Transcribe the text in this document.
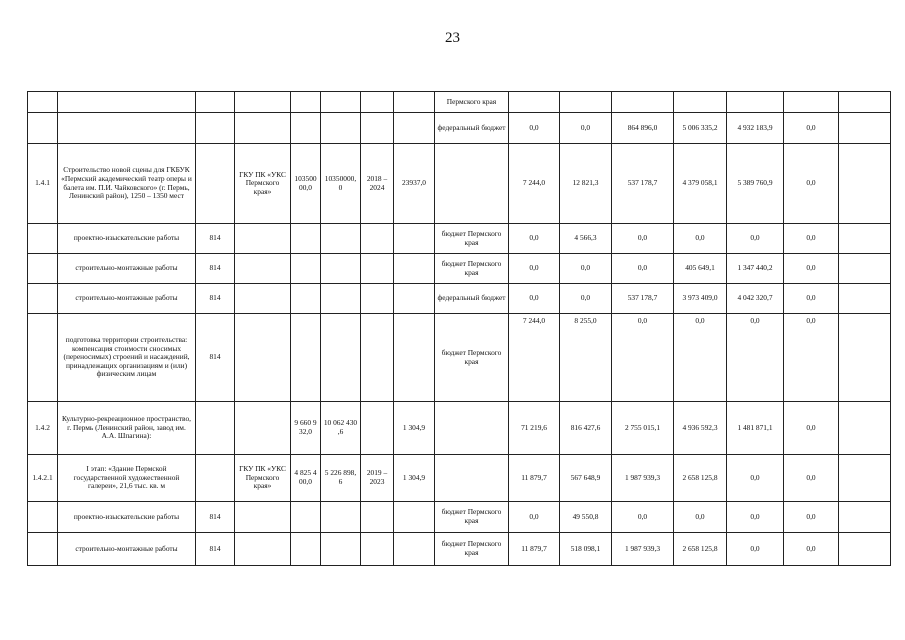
23
								Пермского края							
								федеральный бюджет	0,0	0,0	864 896,0	5 006 335,2	4 932 183,9	0,0	
1.4.1	Строительство новой сцены для ГКБУК «Пермский академический театр оперы и балета им. П.И. Чайковского» (г. Пермь, Ленинский район), 1250 – 1350 мест		ГКУ ПК «УКС Пермского края»	103500 00,0	10350000, 0	2018 – 2024	23937,0		7 244,0	12 821,3	537 178,7	4 379 058,1	5 389 760,9	0,0	
	проектно-изыскательские работы	814						бюджет Пермского края	0,0	4 566,3	0,0	0,0	0,0	0,0	
	строительно-монтажные работы	814						бюджет Пермского края	0,0	0,0	0,0	405 649,1	1 347 440,2	0,0	
	строительно-монтажные работы	814						федеральный бюджет	0,0	0,0	537 178,7	3 973 409,0	4 042 320,7	0,0	
	подготовка территории строительства: компенсация стоимости сносимых (переносимых) строений и насаждений, принадлежащих организациям и (или) физическим лицам	814						бюджет Пермского края	7 244,0	8 255,0	0,0	0,0	0,0	0,0	
1.4.2	Культурно-рекреационное пространство, г. Пермь (Ленинский район, завод им. А.А. Шпагина):			9 660 9 32,0	10 062 430 ,6		1 304,9		71 219,6	816 427,6	2 755 015,1	4 936 592,3	1 481 871,1	0,0	
1.4.2.1	I этап: «Здание Пермской государственной художественной галереи», 21,6 тыс. кв. м		ГКУ ПК «УКС Пермского края»	4 825 4 00,0	5 226 898, 6	2019 – 2023	1 304,9		11 879,7	567 648,9	1 987 939,3	2 658 125,8	0,0	0,0	
	проектно-изыскательские работы	814						бюджет Пермского края	0,0	49 550,8	0,0	0,0	0,0	0,0	
	строительно-монтажные работы	814						бюджет Пермского края	11 879,7	518 098,1	1 987 939,3	2 658 125,8	0,0	0,0	
